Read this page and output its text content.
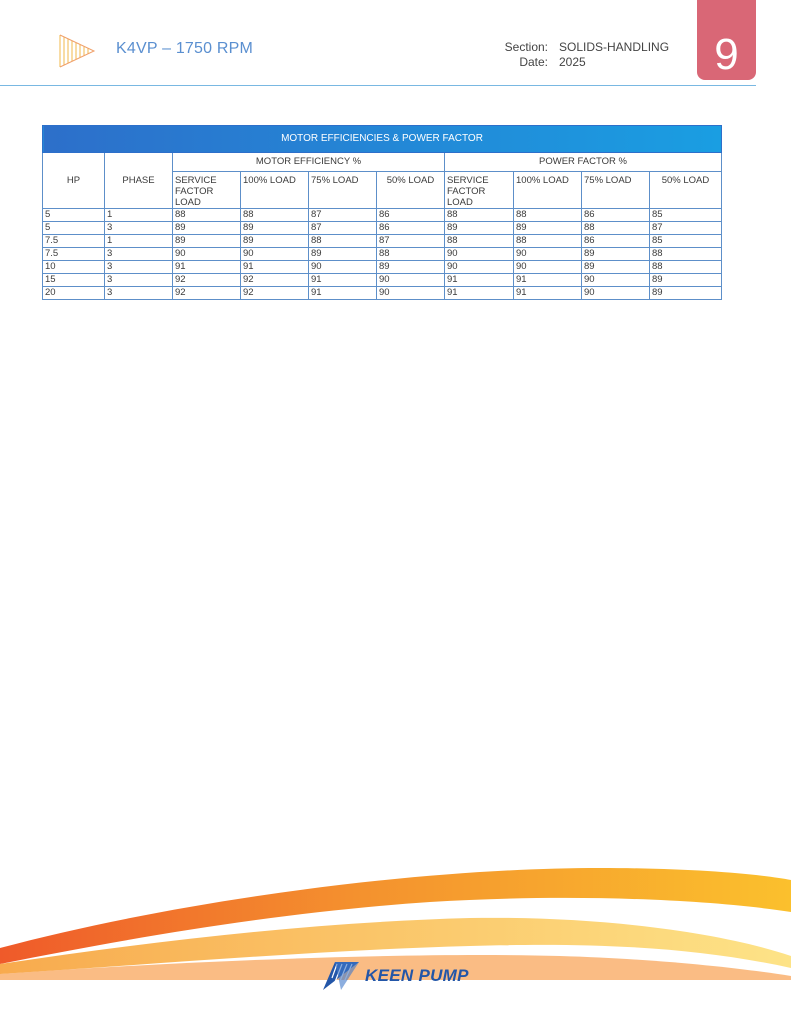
K4VP – 1750 RPM	Section:
Date:
SOLIDS-HANDLING
2025	9
MOTOR EFFICIENCIES & POWER FACTOR									
HP	PHASE	MOTOR EFFICIENCY %				POWER FACTOR %			
		SERVICE FACTOR LOAD	100% LOAD	75% LOAD	50% LOAD	SERVICE FACTOR LOAD	100% LOAD	75% LOAD	50% LOAD
5	1	88	88	87	86	88	88	86	85
5	3	89	89	87	86	89	89	88	87
7.5	1	89	89	88	87	88	88	86	85
7.5	3	90	90	89	88	90	90	89	88
10	3	91	91	90	89	90	90	89	88
15	3	92	92	91	90	91	91	90	89
20	3	92	92	91	90	91	91	90	89
KEEN PUMP
